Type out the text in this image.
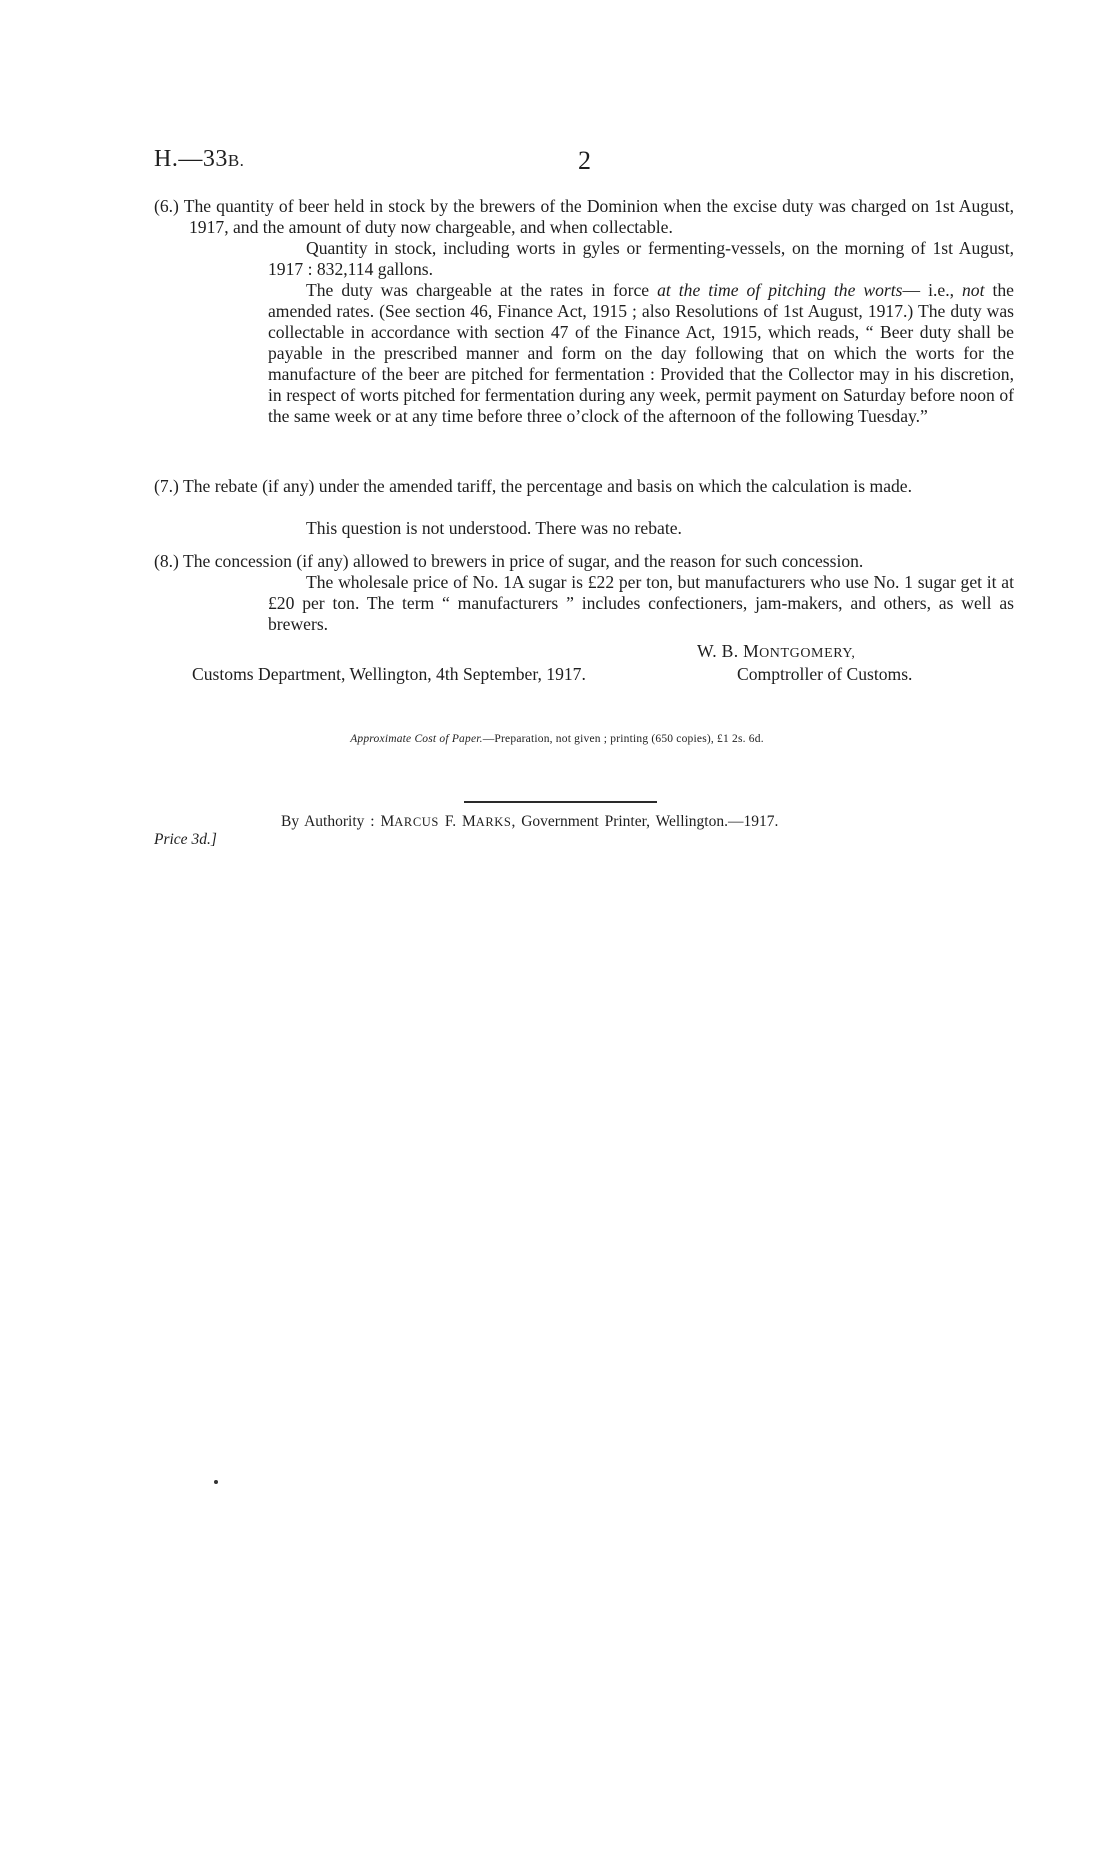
H.—33B.	2
(6.) The quantity of beer held in stock by the brewers of the Dominion when the excise duty was charged on 1st August, 1917, and the amount of duty now chargeable, and when collectable.
Quantity in stock, including worts in gyles or fermenting-vessels, on the morning of 1st August, 1917 : 832,114 gallons.
The duty was chargeable at the rates in force at the time of pitching the worts— i.e., not the amended rates. (See section 46, Finance Act, 1915 ; also Resolutions of 1st August, 1917.) The duty was collectable in accordance with section 47 of the Finance Act, 1915, which reads, “ Beer duty shall be payable in the prescribed manner and form on the day following that on which the worts for the manufacture of the beer are pitched for fermentation : Provided that the Collector may in his discretion, in respect of worts pitched for fermentation during any week, permit payment on Saturday before noon of the same week or at any time before three o’clock of the afternoon of the following Tuesday.”
(7.) The rebate (if any) under the amended tariff, the percentage and basis on which the calculation is made.
This question is not understood. There was no rebate.
(8.) The concession (if any) allowed to brewers in price of sugar, and the reason for such concession.
The wholesale price of No. 1A sugar is £22 per ton, but manufacturers who use No. 1 sugar get it at £20 per ton. The term “ manufacturers ” includes confectioners, jam-makers, and others, as well as brewers.
W. B. MONTGOMERY,
Customs Department, Wellington, 4th September, 1917.	Comptroller of Customs.
Approximate Cost of Paper.—Preparation, not given ; printing (650 copies), £1 2s. 6d.
By Authority : MARCUS F. MARKS, Government Printer, Wellington.—1917.
Price 3d.]
